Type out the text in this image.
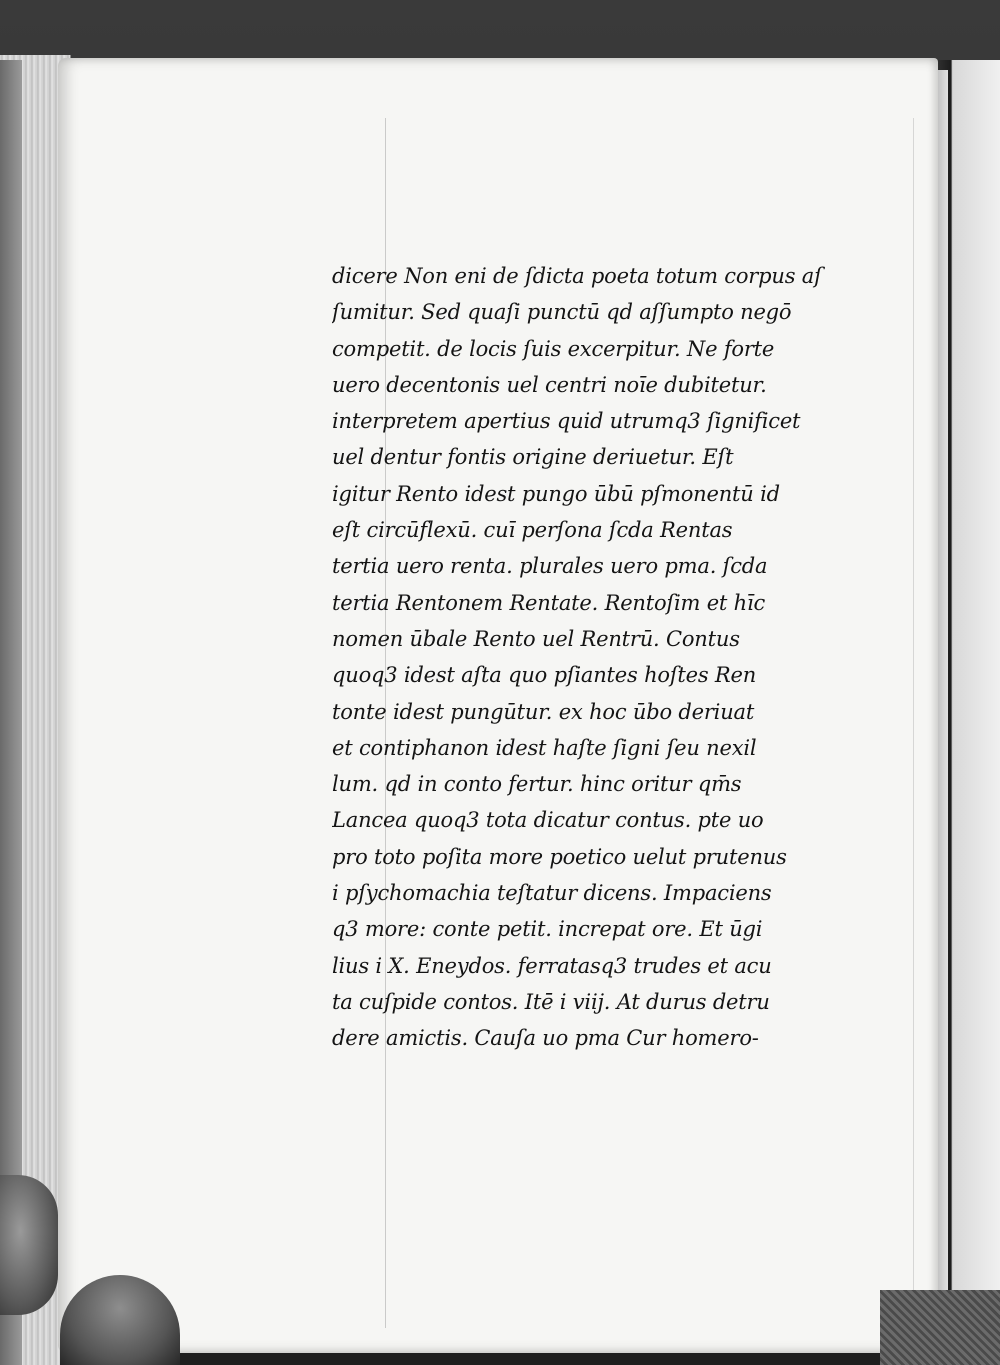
dicere Non eni de ſdicta poeta totum corpus aſ
ſumitur. Sed quaſi punctū qd aſſumpto negō
competit. de locis ſuis excerpitur. Ne forte
uero decentonis uel centri noīe dubitetur.
interpretem apertius quid utrumq3 ſignificet
uel dentur fontis origine deriuetur. Eſt
igitur Rento idest pungo ūbū pſmonentū id
eſt circūflexū. cuī perſona ſcda Rentas
tertia uero renta. plurales uero pma. ſcda
tertia Rentonem Rentate. Rentoſim et hīc
nomen ūbale Rento uel Rentrū. Contus
quoq3 idest aſta quo pſiantes hoſtes Ren
tonte idest pungūtur. ex hoc ūbo deriuat
et contiphanon idest haſte ſigni ſeu nexil
lum. qd in conto fertur. hinc oritur qm̄s
Lancea quoq3 tota dicatur contus. pte uo
pro toto poſita more poetico uelut prutenus
i pſychomachia teſtatur dicens. Impaciens
q3 more: conte petit. increpat ore. Et ūgi
lius i X. Eneydos. ferratasq3 trudes et acu
ta cuſpide contos. Itē i viij. At durus detru
dere amictis. Cauſa uo pma Cur homero-
